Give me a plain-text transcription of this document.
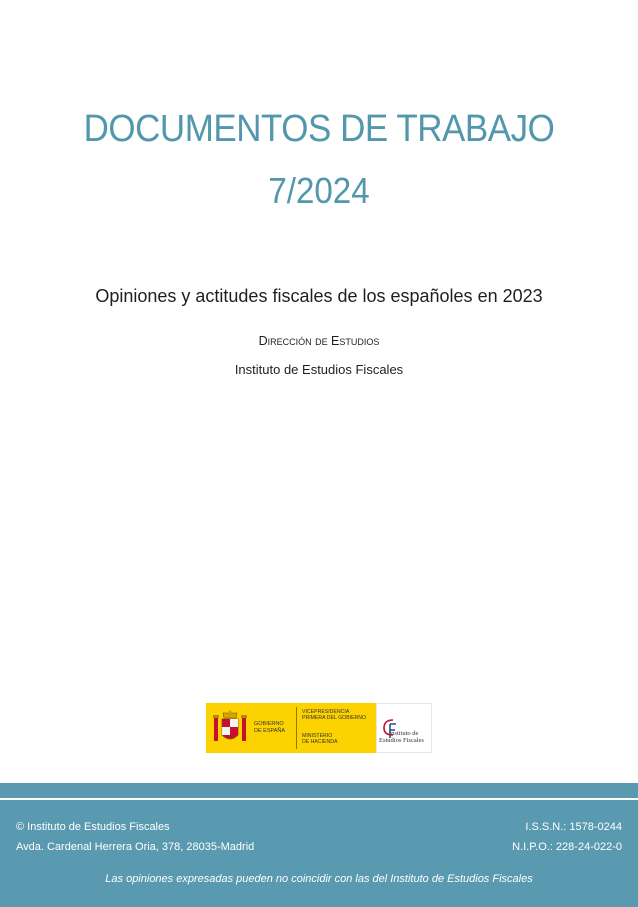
DOCUMENTOS DE TRABAJO
7/2024
Opiniones y actitudes fiscales de los españoles en 2023
Dirección de Estudios
Instituto de Estudios Fiscales
GOBIERNO
DE ESPAÑA
VICEPRESIDENCIA
PRIMERA DEL GOBIERNO
MINISTERIO
DE HACIENDA
Instituto de
Estudios Fiscales
© Instituto de Estudios Fiscales
Avda. Cardenal Herrera Oria, 378, 28035-Madrid
I.S.S.N.: 1578-0244
N.I.P.O.: 228-24-022-0
Las opiniones expresadas pueden no coincidir con las del Instituto de Estudios Fiscales
